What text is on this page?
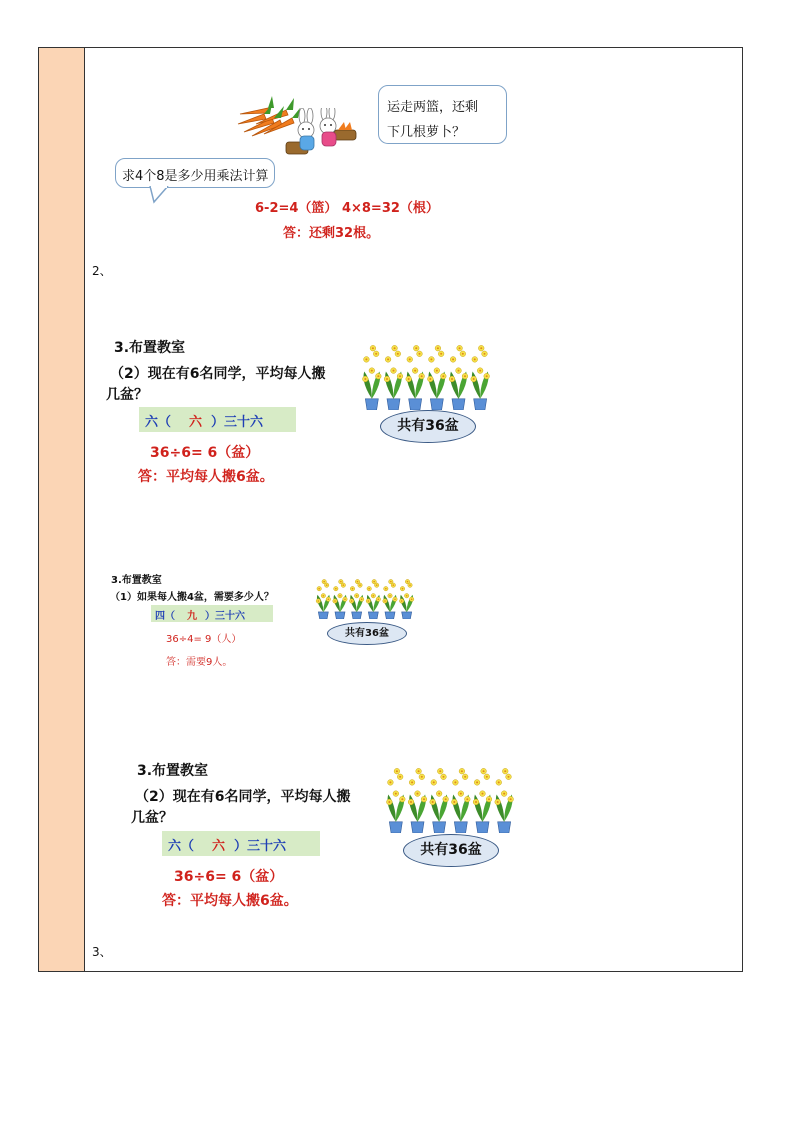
运走两篮，还剩
下几根萝卜？
求4个8是多少用乘法计算
6-2=4（篮） 4×8=32（根）
答：还剩32根。
2、
3.布置教室
（2）现在有6名同学，平均每人搬
几盆？
六（ 六 ）三十六
36÷6= 6（盆）
答：平均每人搬6盆。
共有36盆
3.布置教室
（1）如果每人搬4盆，需要多少人？
四（ 九 ）三十六
36÷4= 9（人）
答：需要9人。
共有36盆
3.布置教室
（2）现在有6名同学，平均每人搬
几盆？
六（ 六 ）三十六
36÷6= 6（盆）
答：平均每人搬6盆。
共有36盆
3、
